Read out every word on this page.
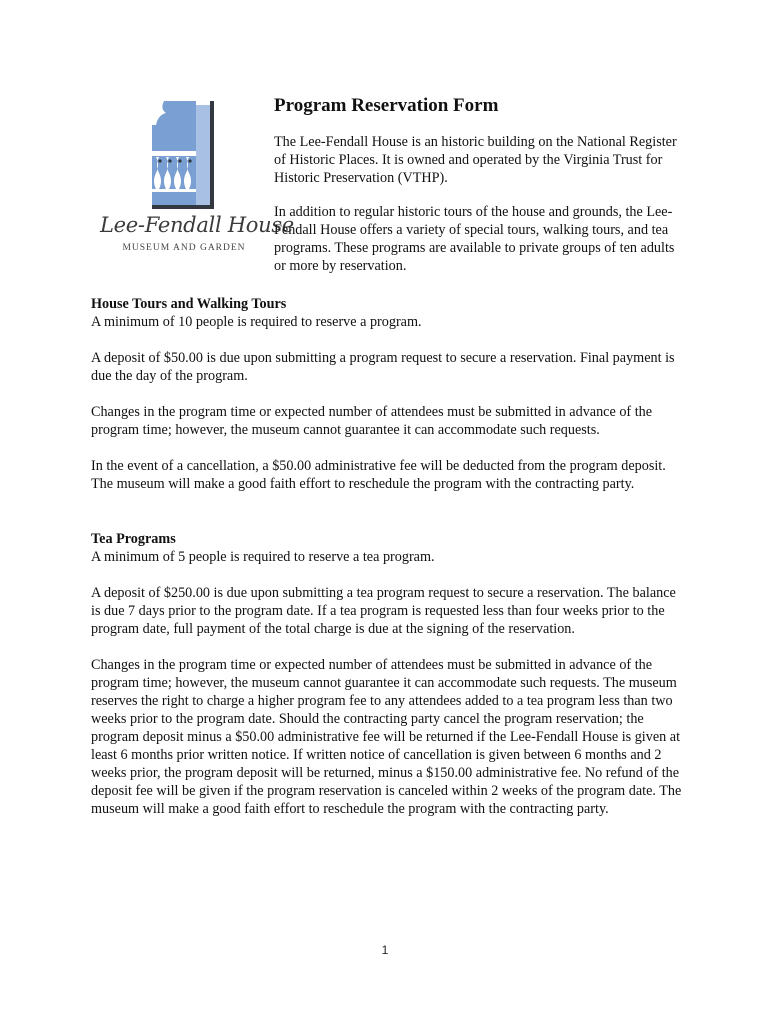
Lee-Fendall House
MUSEUM AND GARDEN
Program Reservation Form

The Lee-Fendall House is an historic building on the National Register of Historic Places. It is owned and operated by the Virginia Trust for Historic Preservation (VTHP).

In addition to regular historic tours of the house and grounds, the Lee-Fendall House offers a variety of special tours, walking tours, and tea programs. These programs are available to private groups of ten adults or more by reservation.

House Tours and Walking Tours

A minimum of 10 people is required to reserve a program.

A deposit of $50.00 is due upon submitting a program request to secure a reservation. Final payment is due the day of the program.

Changes in the program time or expected number of attendees must be submitted in advance of the program time; however, the museum cannot guarantee it can accommodate such requests.

In the event of a cancellation, a $50.00 administrative fee will be deducted from the program deposit. The museum will make a good faith effort to reschedule the program with the contracting party.

Tea Programs

A minimum of 5 people is required to reserve a tea program.

A deposit of $250.00 is due upon submitting a tea program request to secure a reservation. The balance is due 7 days prior to the program date. If a tea program is requested less than four weeks prior to the program date, full payment of the total charge is due at the signing of the reservation.

Changes in the program time or expected number of attendees must be submitted in advance of the program time; however, the museum cannot guarantee it can accommodate such requests. The museum reserves the right to charge a higher program fee to any attendees added to a tea program less than two weeks prior to the program date. Should the contracting party cancel the program reservation; the program deposit minus a $50.00 administrative fee will be returned if the Lee-Fendall House is given at least 6 months prior written notice. If written notice of cancellation is given between 6 months and 2 weeks prior, the program deposit will be returned, minus a $150.00 administrative fee. No refund of the deposit fee will be given if the program reservation is canceled within 2 weeks of the program date. The museum will make a good faith effort to reschedule the program with the contracting party.

1
